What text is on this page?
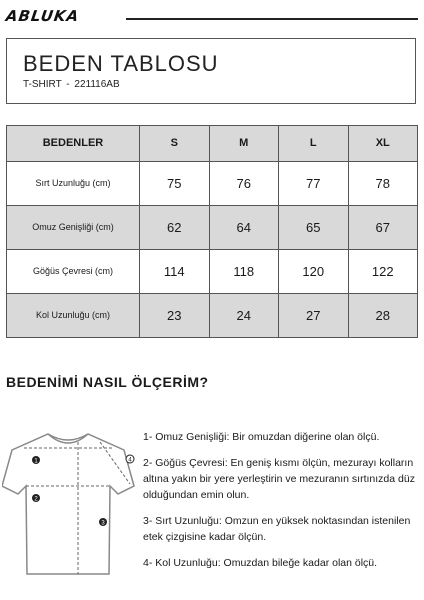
ABLUKA
BEDEN TABLOSU
T-SHIRT - 221116AB
BEDENLER	S	M	L	XL
Sırt Uzunluğu (cm)	75	76	77	78
Omuz Genişliği (cm)	62	64	65	67
Göğüs Çevresi (cm)	114	118	120	122
Kol Uzunluğu (cm)	23	24	27	28
BEDENİMİ NASIL ÖLÇERİM?
1
2
3
4

1- Omuz Genişliği: Bir omuzdan diğerine olan ölçü.

2- Göğüs Çevresi: En geniş kısmı ölçün, mezurayı kolların altına yakın bir yere yerleştirin ve mezuranın sırtınızda düz olduğundan emin olun.

3- Sırt Uzunluğu: Omzun en yüksek noktasından istenilen etek çizgisine kadar ölçün.

4- Kol Uzunluğu: Omuzdan bileğe kadar olan ölçü.
